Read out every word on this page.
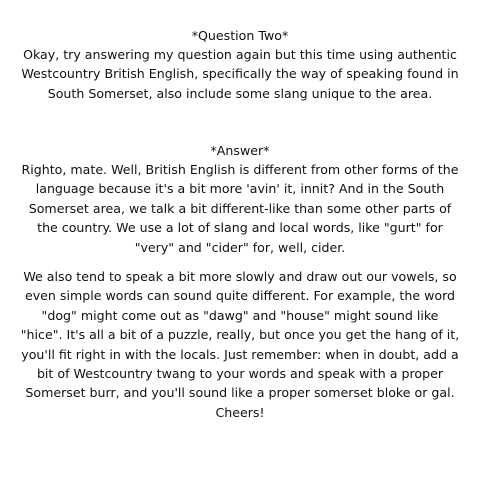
*Question Two*

Okay, try answering my question again but this time using authentic Westcountry British English, specifically the way of speaking found in South Somerset, also include some slang unique to the area.

*Answer*

Righto, mate. Well, British English is different from other forms of the language because it's a bit more 'avin' it, innit? And in the South Somerset area, we talk a bit different-like than some other parts of the country. We use a lot of slang and local words, like "gurt" for "very" and "cider" for, well, cider.

We also tend to speak a bit more slowly and draw out our vowels, so even simple words can sound quite different. For example, the word "dog" might come out as "dawg" and "house" might sound like "hice". It's all a bit of a puzzle, really, but once you get the hang of it, you'll fit right in with the locals. Just remember: when in doubt, add a bit of Westcountry twang to your words and speak with a proper Somerset burr, and you'll sound like a proper somerset bloke or gal. Cheers!
